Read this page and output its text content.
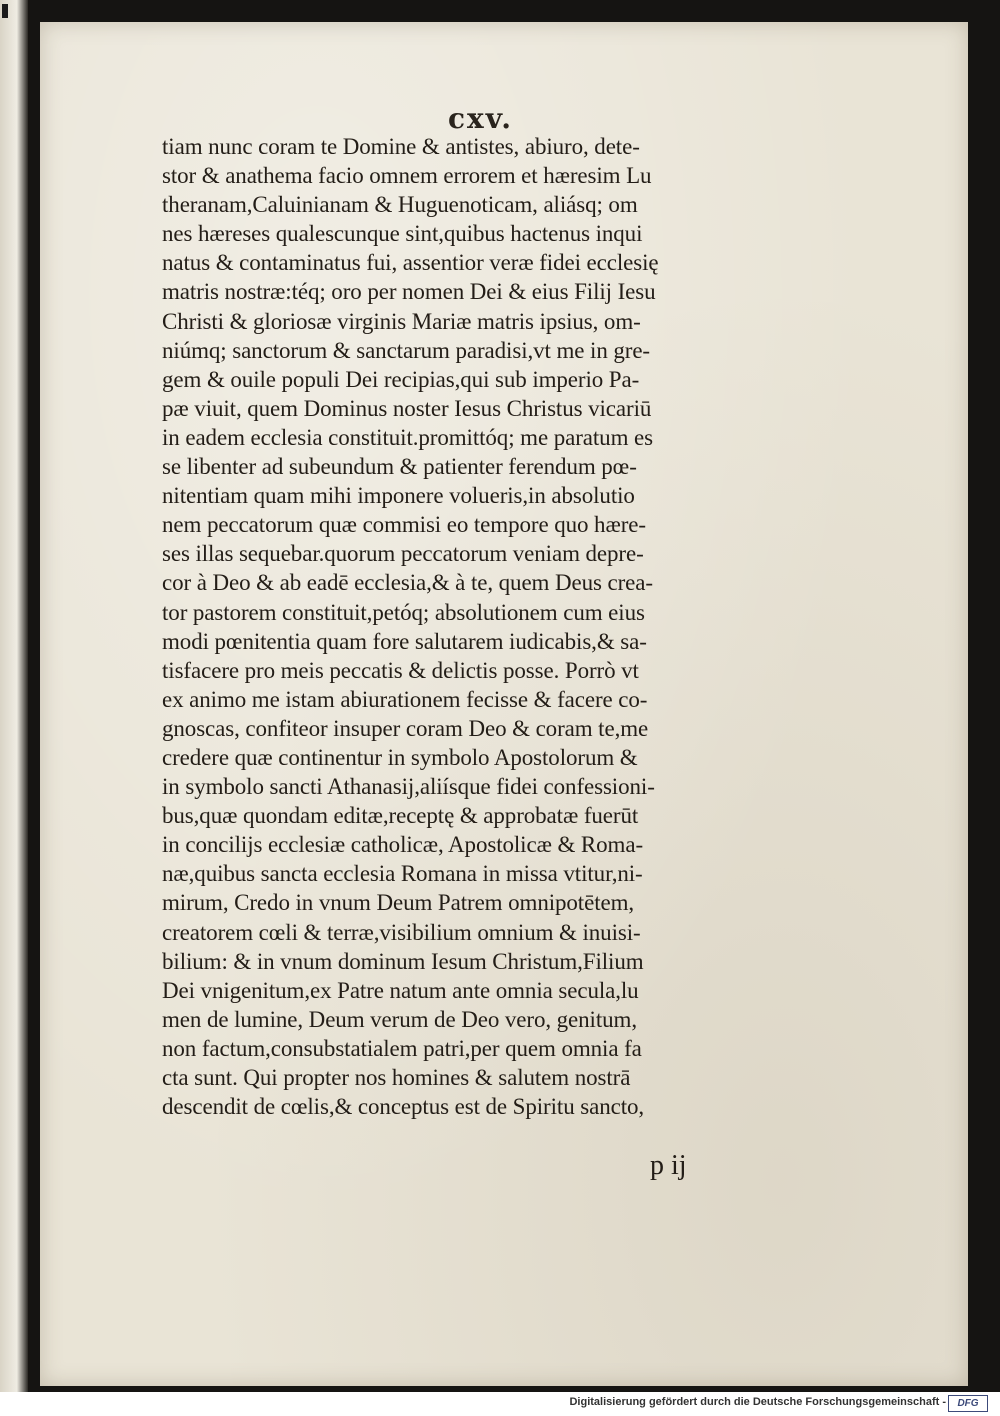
cxv.
tiam nunc coram te Domine & antistes, abiuro, dete-
stor & anathema facio omnem errorem et hæresim Lu
theranam,Caluinianam & Huguenoticam, aliásq; om
nes hæreses qualescunque sint,quibus hactenus inqui
natus & contaminatus fui, assentior veræ fidei ecclesię
matris nostræ:téq; oro per nomen Dei & eius Filij Iesu
Christi & gloriosæ virginis Mariæ matris ipsius, om-
niúmq; sanctorum & sanctarum paradisi,vt me in gre-
gem & ouile populi Dei recipias,qui sub imperio Pa-
pæ viuit, quem Dominus noster Iesus Christus vicariū
in eadem ecclesia constituit.promittóq; me paratum es
se libenter ad subeundum & patienter ferendum pœ-
nitentiam quam mihi imponere volueris,in absolutio
nem peccatorum quæ commisi eo tempore quo hære-
ses illas sequebar.quorum peccatorum veniam depre-
cor à Deo & ab eadē ecclesia,& à te, quem Deus crea-
tor pastorem constituit,petóq; absolutionem cum eius
modi pœnitentia quam fore salutarem iudicabis,& sa-
tisfacere pro meis peccatis & delictis posse. Porrò vt
ex animo me istam abiurationem fecisse & facere co-
gnoscas, confiteor insuper coram Deo & coram te,me
credere quæ continentur in symbolo Apostolorum &
in symbolo sancti Athanasij,aliísque fidei confessioni-
bus,quæ quondam editæ,receptę & approbatæ fuerūt
in concilijs ecclesiæ catholicæ, Apostolicæ & Roma-
næ,quibus sancta ecclesia Romana in missa vtitur,ni-
mirum, Credo in vnum Deum Patrem omnipotētem,
creatorem cœli & terræ,visibilium omnium & inuisi-
bilium: & in vnum dominum Iesum Christum,Filium
Dei vnigenitum,ex Patre natum ante omnia secula,lu
men de lumine, Deum verum de Deo vero, genitum,
non factum,consubstatialem patri,per quem omnia fa
cta sunt. Qui propter nos homines & salutem nostrā
descendit de cœlis,& conceptus est de Spiritu sancto,
p ij
Digitalisierung gefördert durch die Deutsche Forschungsgemeinschaft -	DFG
